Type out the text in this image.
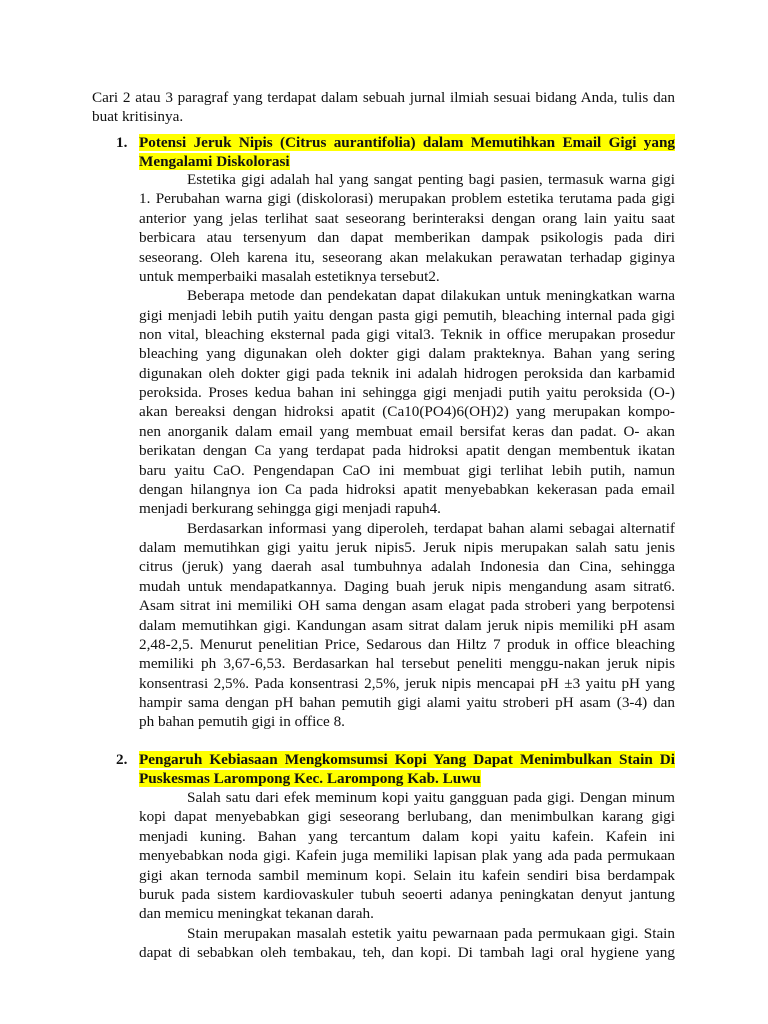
Cari 2 atau 3 paragraf yang terdapat dalam sebuah jurnal ilmiah sesuai bidang Anda, tulis dan
buat kritisinya.
1. Potensi Jeruk Nipis (Citrus aurantifolia) dalam Memutihkan Email Gigi yang
Mengalami Diskolorasi
Estetika gigi adalah hal yang sangat penting bagi pasien, termasuk warna gigi
1. Perubahan warna gigi (diskolorasi) merupakan problem estetika terutama pada gigi
anterior yang jelas terlihat saat seseorang berinteraksi dengan orang lain yaitu saat
berbicara atau tersenyum dan dapat memberikan dampak psikologis pada diri
seseorang. Oleh karena itu, seseorang akan melakukan perawatan terhadap giginya
untuk memperbaiki masalah estetiknya tersebut2.
Beberapa metode dan pendekatan dapat dilakukan untuk meningkatkan warna
gigi menjadi lebih putih yaitu dengan pasta gigi pemutih, bleaching internal pada gigi
non vital, bleaching eksternal pada gigi vital3. Teknik in office merupakan prosedur
bleaching yang digunakan oleh dokter gigi dalam prakteknya. Bahan yang sering
digunakan oleh dokter gigi pada teknik ini adalah hidrogen peroksida dan karbamid
peroksida. Proses kedua bahan ini sehingga gigi menjadi putih yaitu peroksida (O-)
akan bereaksi dengan hidroksi apatit (Ca10(PO4)6(OH)2) yang merupakan kompo-
nen anorganik dalam email yang membuat email bersifat keras dan padat. O- akan
berikatan dengan Ca yang terdapat pada hidroksi apatit dengan membentuk ikatan
baru yaitu CaO. Pengendapan CaO ini membuat gigi terlihat lebih putih, namun
dengan hilangnya ion Ca pada hidroksi apatit menyebabkan kekerasan pada email
menjadi berkurang sehingga gigi menjadi rapuh4.
Berdasarkan informasi yang diperoleh, terdapat bahan alami sebagai alternatif
dalam memutihkan gigi yaitu jeruk nipis5. Jeruk nipis merupakan salah satu jenis
citrus (jeruk) yang daerah asal tumbuhnya adalah Indonesia dan Cina, sehingga
mudah untuk mendapatkannya. Daging buah jeruk nipis mengandung asam sitrat6.
Asam sitrat ini memiliki OH sama dengan asam elagat pada stroberi yang berpotensi
dalam memutihkan gigi. Kandungan asam sitrat dalam jeruk nipis memiliki pH asam
2,48-2,5. Menurut penelitian Price, Sedarous dan Hiltz 7 produk in office bleaching
memiliki ph 3,67-6,53. Berdasarkan hal tersebut peneliti menggu-nakan jeruk nipis
konsentrasi 2,5%. Pada konsentrasi 2,5%, jeruk nipis mencapai pH ±3 yaitu pH yang
hampir sama dengan pH bahan pemutih gigi alami yaitu stroberi pH asam (3-4) dan
ph bahan pemutih gigi in office 8.
2. Pengaruh Kebiasaan Mengkomsumsi Kopi Yang Dapat Menimbulkan Stain Di
Puskesmas Larompong Kec. Larompong Kab. Luwu
Salah satu dari efek meminum kopi yaitu gangguan pada gigi. Dengan minum
kopi dapat menyebabkan gigi seseorang berlubang, dan menimbulkan karang gigi
menjadi kuning. Bahan yang tercantum dalam kopi yaitu kafein. Kafein ini
menyebabkan noda gigi. Kafein juga memiliki lapisan plak yang ada pada permukaan
gigi akan ternoda sambil meminum kopi. Selain itu kafein sendiri bisa berdampak
buruk pada sistem kardiovaskuler tubuh seoerti adanya peningkatan denyut jantung
dan memicu meningkat tekanan darah.
Stain merupakan masalah estetik yaitu pewarnaan pada permukaan gigi. Stain
dapat di sebabkan oleh tembakau, teh, dan kopi. Di tambah lagi oral hygiene yang
